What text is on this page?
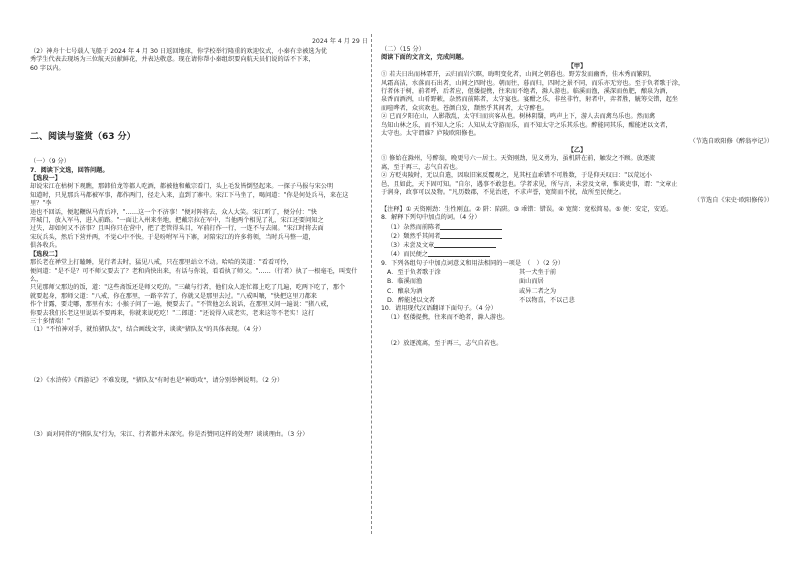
2024 年 4 月 29 日

（2）神舟十七号载人飞船于 2024 年 4 月 30 日返回地球，你学校举行隆重的欢迎仪式，小秦有幸被选为优

秀学生代表去现场为三位航天员献鲜花，并表达敬意。现在请你帮小秦组织要向航天员们说的话不下来，

60 字以内。

二、阅读与鉴赏（63 分）

（一）（9 分）

7．阅读下文选，回答问题。

【选段一】

却说宋江在枯树下观瞧，那韩伯龙等都人吃酒，都被他和戴宗看门，头上毛发皆倒竖起来。一探子马报与宋公明

知道时，只见那兵马都被军事，都作两门，径走入来，直到了寨中。宋江下马坐了，喝问道："你是何处兵马，来在这里？"李

逵也不回话，便起鞭纵马背后冲，"……这一个不济事！"便对阵将去，众人大笑。宋江听了，便分付："快

开城门，放入军马，进入前路。"一面让入州来坐地，把戴宗拉在军中，当他两个相见了礼，宋江还要问知之

过失，却如何又不济事？且叫你只在营中，把了老管得头目，军前打作一行，一连不与去闹。"宋江时将去面

宋玩兵头，然后下营并两，不觉心中不快。于是吩咐军马下寨，对陪宋江的许多将领，当时兵马整一道，

俱各收兵。

【选段二】

那长老在禅堂上打瞌睡，见行者去时，猛见八戒，只在那里站立不动。哈哈的笑道："看看可怜，

便问道："是不是？可不师父要去了？老和尚快出来，有话与你说，看看执了师父。"……（行者）执了一根毫毛，叫变什么，

只见那师父那边的饭，道："这些斋饭还是师父吃的。"三藏与行者，他们众人连忙都上吃了几遍，吃两下吃了，那个

就要起身，那师父道："八戒，你在那里，一路辛苦了，你就又是那里去过。"八戒叫嚷，"快把这里刀都来

作个甘露，要走哪，那里有水；小猴子问了一遍，便要去了。"不管他怎么说话，在那里又问一遍说："猪八戒，

你要去我们长老这里说话不要再来，你就来说吃吃！"二郎道："还说得入成老实，老来这等不老实！这打

三十多情端！"

（1）"不怕神对手，就怕猪队友"，结合画线文字，谈谈"猪队友"的具体表现。（4 分）

（2）《水浒传》《西游记》不难发现，"猪队友"有时也是"神助攻"，请分别举例说明。（2 分）

（3）面对同伴的"猪队友"行为，宋江、行者都并未深究。你是否赞同这样的处理？谈谈理由。（3 分）

（二）（15 分）

阅读下面的文言文，完成问题。

【甲】

① 若夫日出而林霏开，云归而岩穴暝，晦明变化者，山间之朝暮也。野芳发而幽香，佳木秀而繁阴，

风霜高洁，水落而石出者，山间之四时也。朝而往，暮而归，四时之景不同，而乐亦无穷也。至于负者歌于涂，

行者休于树，前者呼，后者应，伛偻提携，往来而不绝者，滁人游也。临溪而渔，溪深而鱼肥，酿泉为酒，

泉香而酒洌，山肴野蔌，杂然而前陈者，太守宴也。宴酣之乐，非丝非竹，射者中，弈者胜，觥筹交错，起坐

而喧哗者，众宾欢也。苍颜白发，颓然乎其间者，太守醉也。

② 已而夕阳在山，人影散乱，太守归而宾客从也。树林阴翳，鸣声上下，游人去而禽鸟乐也。然而禽

鸟知山林之乐，而不知人之乐；人知从太守游而乐，而不知太守之乐其乐也。醉能同其乐，醒能述以文者，

太守也。太守谓谁？庐陵欧阳修也。

（节选自欧阳修《醉翁亭记》）

【乙】

① 修始在滁州，号醉翁，晚更号六一居士。天资刚劲，见义勇为，虽机阱在前，触发之不顾。放逐流

离，至于再三，志气自若也。

② 方贬夷陵时，无以自遣，因取旧案反覆观之，见其枉直乖错不可胜数，于是仰天叹曰："以荒远小

邑，且如此，天下固可知。"自尔，遇事不敢忽也。学者求见，所与言，未尝及文章，惟谈吏事，谓："文章止

于润身，政事可以及物。"凡历数郡，不见治迹，不求声誉，宽简而不扰，故所至民便之。

（节选自《宋史·欧阳修传》）

【注释】① 天资刚劲：生性刚直。② 阱：陷阱。③ 乖错：错误。④ 宽简：宽松简易。⑤ 便：安定，安适。

8．解释下列句中加点的词。（4 分）

（1）杂然而前陈者
（2）颓然乎其间者
（3）未尝及文章
（4）而民便之

9．下列各组句子中加点词意义和用法相同的一项是　（　）（2 分）

A．至于负者歌于涂	其一犬坐于前
B．临溪而渔	面山而居
C．酿泉为酒	或异二者之为
D．醉能述以文者	不以物喜，不以己悲

10．请用现代汉语翻译下面句子。（4 分）

（1）伛偻提携，往来而不绝者，滁人游也。

（2）放逐流离，至于再三，志气自若也。
